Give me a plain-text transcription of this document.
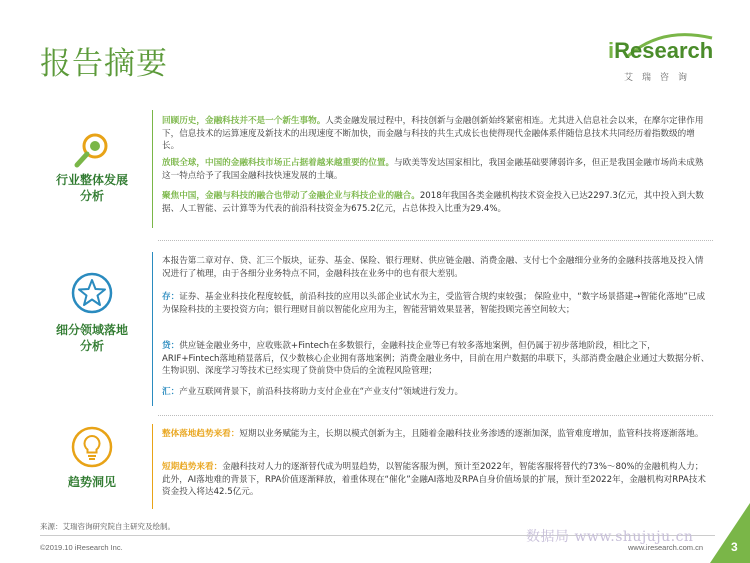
报告摘要	iResearch
艾瑞咨询
行业整体发展
分析
回顾历史，金融科技并不是一个新生事物。人类金融发展过程中，科技创新与金融创新始终紧密相连。尤其进入信息社会以来，在摩尔定律作用下，信息技术的运算速度及新技术的出现速度不断加快，而金融与科技的共生式成长也使得现代金融体系伴随信息技术共同经历着指数级的增长。
放眼全球，中国的金融科技市场正占据着越来越重要的位置。与欧美等发达国家相比，我国金融基础要薄弱许多，但正是我国金融市场尚未成熟这一特点给予了我国金融科技快速发展的土壤。
聚焦中国，金融与科技的融合也带动了金融企业与科技企业的融合。2018年我国各类金融机构技术资金投入已达2297.3亿元，其中投入到大数据、人工智能、云计算等为代表的前沿科技资金为675.2亿元，占总体投入比重为29.4%。
细分领域落地
分析
本报告第二章对存、贷、汇三个版块，证券、基金、保险、银行理财、供应链金融、消费金融、支付七个金融细分业务的金融科技落地及投入情况进行了梳理，由于各细分业务特点不同，金融科技在业务中的也有很大差别。
存：证券、基金业科技化程度较低，前沿科技的应用以头部企业试水为主，受监管合规约束较强； 保险业中，“数字场景搭建→智能化落地”已成为保险科技的主要投资方向；银行理财目前以智能化应用为主，智能营销效果显著，智能投顾完善空间较大；
贷：供应链金融业务中，应收账款+Fintech在多数银行，金融科技企业等已有较多落地案例，但仍属于初步落地阶段，相比之下，ARIF+Fintech落地稍显落后，仅少数核心企业拥有落地案例；消费金融业务中，目前在用户数据的串联下，头部消费金融企业通过大数据分析、生物识别、深度学习等技术已经实现了贷前贷中贷后的全流程风险管理；
汇：产业互联网背景下，前沿科技将助力支付企业在“产业支付”领域进行发力。
趋势洞见
整体落地趋势来看：短期以业务赋能为主，长期以模式创新为主，且随着金融科技业务渗透的逐渐加深，监管难度增加，监管科技将逐渐落地。
短期趋势来看：金融科技对人力的逐渐替代成为明显趋势，以智能客服为例，预计至2022年，智能客服将替代约73%～80%的金融机构人力；此外，AI落地难的背景下，RPA价值逐渐释放，着重体现在“催化”金融AI落地及RPA自身价值场景的扩展，预计至2022年，金融机构对RPA技术资金投入将达42.5亿元。
来源：艾瑞咨询研究院自主研究及绘制。
©2019.10 iResearch Inc.
数据局 www.shujuju.cn
www.iresearch.com.cn 3
